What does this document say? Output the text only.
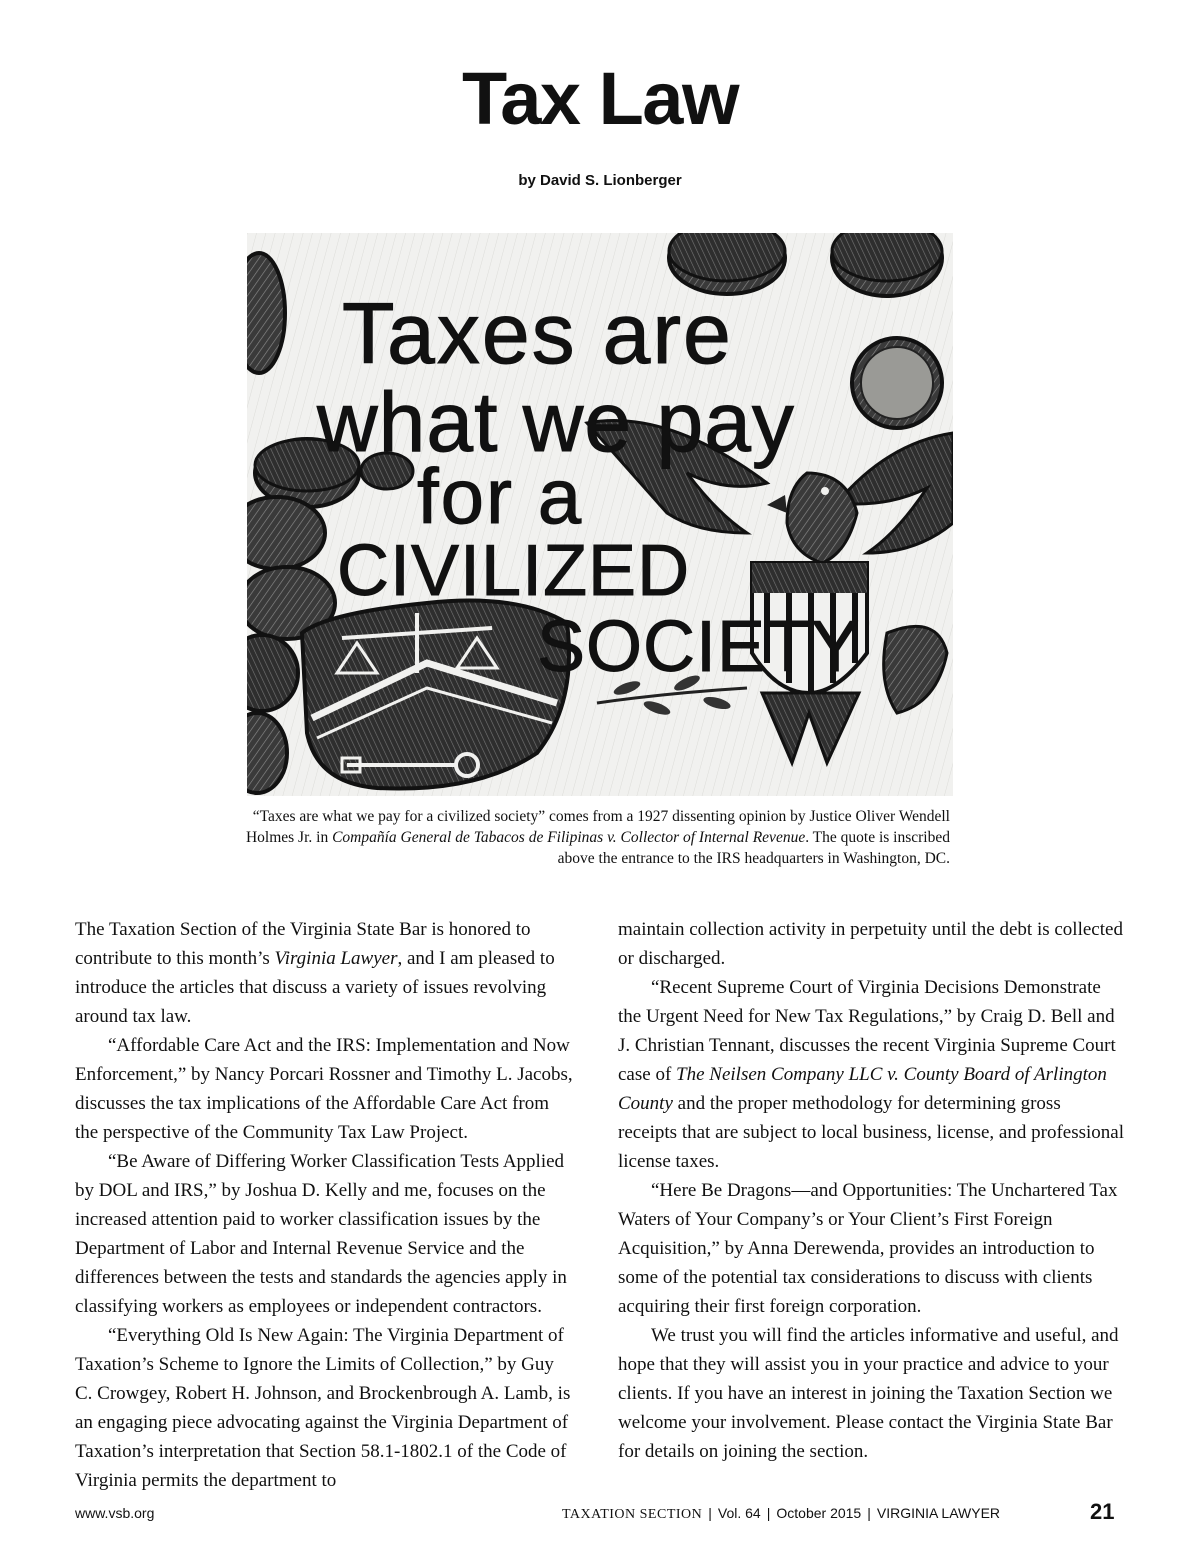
Tax Law
by David S. Lionberger
Taxes are
what we pay
for a
CIVILIZED
SOCIETY
“Taxes are what we pay for a civilized society” comes from a 1927 dissenting opinion by Justice Oliver Wendell Holmes Jr. in Compañía General de Tabacos de Filipinas v. Collector of Internal Revenue. The quote is inscribed above the entrance to the IRS headquarters in Washington, DC.

The Taxation Section of the Virginia State Bar is honored to contribute to this month’s Virginia Lawyer, and I am pleased to introduce the articles that discuss a variety of issues revolving around tax law.

“Affordable Care Act and the IRS: Implementation and Now Enforcement,” by Nancy Porcari Rossner and Timothy L. Jacobs, discusses the tax implications of the Affordable Care Act from the perspective of the Community Tax Law Project.

“Be Aware of Differing Worker Classification Tests Applied by DOL and IRS,” by Joshua D. Kelly and me, focuses on the increased attention paid to worker classification issues by the Department of Labor and Internal Revenue Service and the differences between the tests and standards the agencies apply in classifying workers as employees or independent contractors.

“Everything Old Is New Again: The Virginia Department of Taxation’s Scheme to Ignore the Limits of Collection,” by Guy C. Crowgey, Robert H. Johnson, and Brockenbrough A. Lamb, is an engaging piece advocating against the Virginia Department of Taxation’s interpretation that Section 58.1-1802.1 of the Code of Virginia permits the department to

maintain collection activity in perpetuity until the debt is collected or discharged.

“Recent Supreme Court of Virginia Decisions Demonstrate the Urgent Need for New Tax Regulations,” by Craig D. Bell and J. Christian Tennant, discusses the recent Virginia Supreme Court case of The Neilsen Company LLC v. County Board of Arlington County and the proper methodology for determining gross receipts that are subject to local business, license, and professional license taxes.

“Here Be Dragons—and Opportunities: The Unchartered Tax Waters of Your Company’s or Your Client’s First Foreign Acquisition,” by Anna Derewenda, provides an introduction to some of the potential tax considerations to discuss with clients acquiring their first foreign corporation.

We trust you will find the articles informative and useful, and hope that they will assist you in your practice and advice to your clients. If you have an interest in joining the Taxation Section we welcome your involvement. Please contact the Virginia State Bar for details on joining the section.

www.vsb.org	TAXATION SECTION | Vol. 64 | October 2015 | VIRGINIA LAWYER	21
